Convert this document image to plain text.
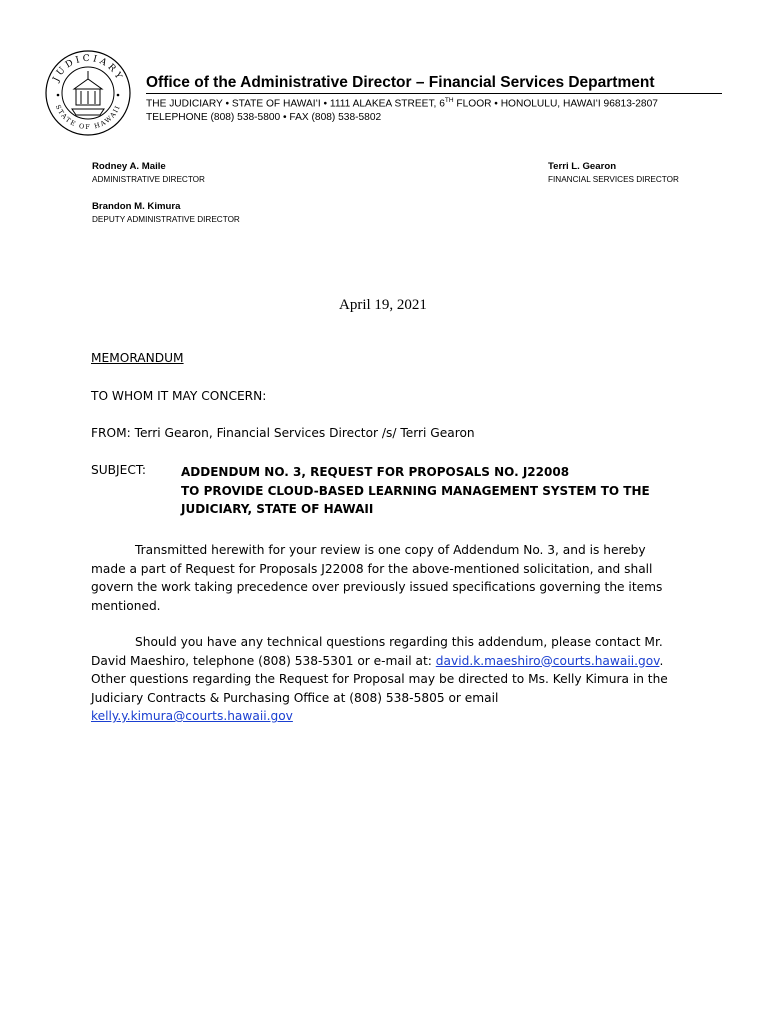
JUDICIARY
STATE OF HAWAII
Office of the Administrative Director – Financial Services Department
THE JUDICIARY • STATE OF HAWAIʻI • 1111 ALAKEA STREET, 6TH FLOOR • HONOLULU, HAWAIʻI 96813-2807
TELEPHONE (808) 538-5800 • FAX (808) 538-5802
Rodney A. Maile
ADMINISTRATIVE DIRECTOR
Terri L. Gearon
FINANCIAL SERVICES DIRECTOR
Brandon M. Kimura
DEPUTY ADMINISTRATIVE DIRECTOR
April 19, 2021
MEMORANDUM
TO WHOM IT MAY CONCERN:
FROM: Terri Gearon, Financial Services Director /s/ Terri Gearon
SUBJECT:	ADDENDUM NO. 3, REQUEST FOR PROPOSALS NO. J22008
TO PROVIDE CLOUD-BASED LEARNING MANAGEMENT SYSTEM TO THE
JUDICIARY, STATE OF HAWAII
Transmitted herewith for your review is one copy of Addendum No. 3, and is hereby
made a part of Request for Proposals J22008 for the above-mentioned solicitation, and shall
govern the work taking precedence over previously issued specifications governing the items
mentioned.
Should you have any technical questions regarding this addendum, please contact Mr.
David Maeshiro, telephone (808) 538-5301 or e-mail at: david.k.maeshiro@courts.hawaii.gov.
Other questions regarding the Request for Proposal may be directed to Ms. Kelly Kimura in the
Judiciary Contracts & Purchasing Office at (808) 538-5805 or email
kelly.y.kimura@courts.hawaii.gov
